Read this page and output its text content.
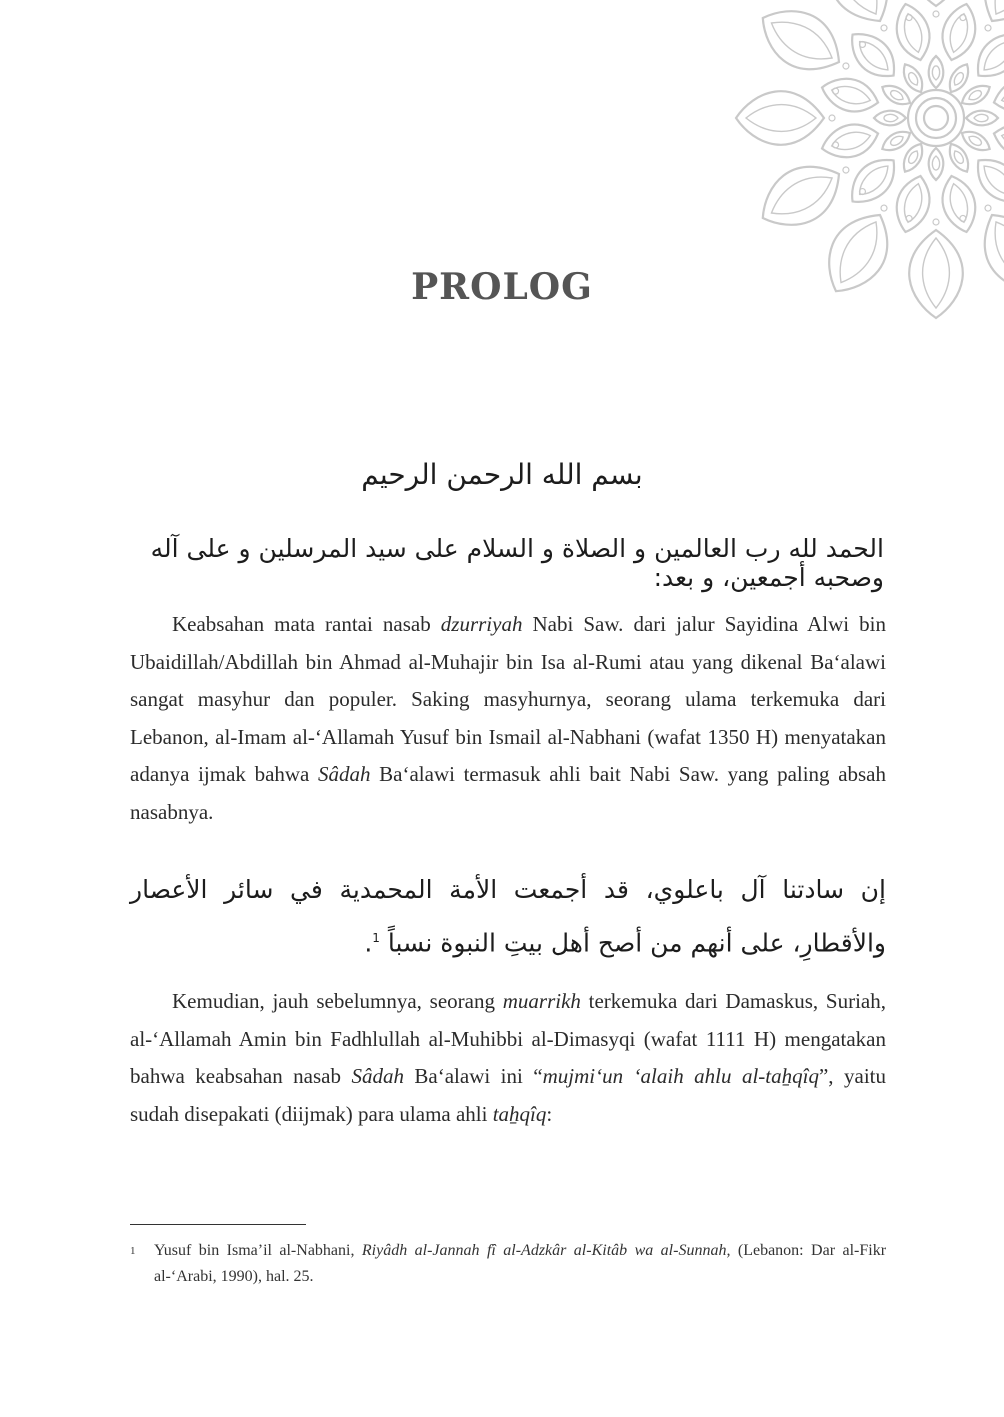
PROLOG
بسم الله الرحمن الرحيم
الحمد لله رب العالمين و الصلاة و السلام على سيد المرسلين و على آله وصحبه أجمعين، و بعد:

Keabsahan mata rantai nasab dzurriyah Nabi Saw. dari jalur Sayidina Alwi bin Ubaidillah/Abdillah bin Ahmad al-Muhajir bin Isa al-Rumi atau yang dikenal Ba‘alawi sangat masyhur dan populer. Saking masyhurnya, seorang ulama terkemuka dari Lebanon, al-Imam al-‘Allamah Yusuf bin Ismail al-Nabhani (wafat 1350 H) menyatakan adanya ijmak bahwa Sâdah Ba‘alawi termasuk ahli bait Nabi Saw. yang paling absah nasabnya.

إن سادتنا آل باعلوي، قد أجمعت الأمة المحمدية في سائر الأعصار والأقطارِ، على أنهم من أصح أهل بيتِ النبوة نسباً $^1$.

Kemudian, jauh sebelumnya, seorang muarrikh terkemuka dari Damaskus, Suriah, al-‘Allamah Amin bin Fadhlullah al-Muhibbi al-Dimasyqi (wafat 1111 H) mengatakan bahwa keabsahan nasab Sâdah Ba‘alawi ini “mujmi‘un ‘alaih ahlu al-taẖqîq”, yaitu sudah disepakati (diijmak) para ulama ahli taẖqîq:

1 Yusuf bin Isma’il al-Nabhani, Riyâdh al-Jannah fî al-Adzkâr al-Kitâb wa al-Sunnah, (Lebanon: Dar al-Fikr al-‘Arabi, 1990), hal. 25.
